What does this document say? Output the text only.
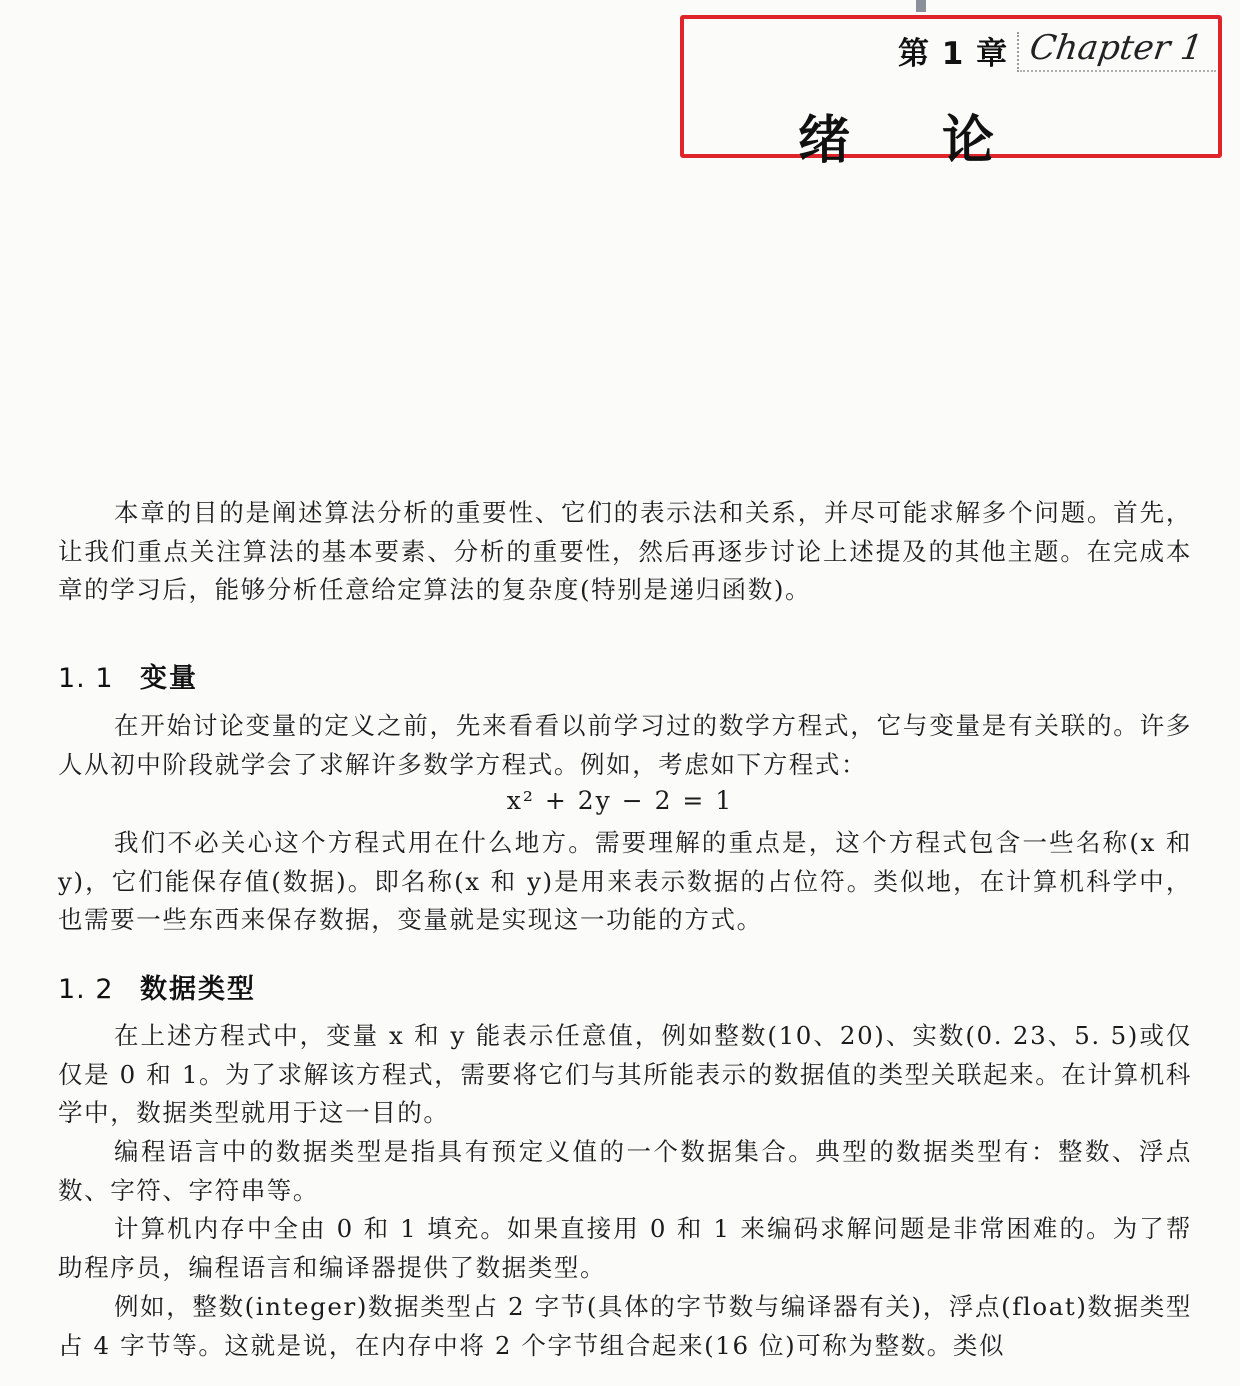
第 1 章 Chapter 1
绪论

本章的目的是阐述算法分析的重要性、它们的表示法和关系，并尽可能求解多个问题。首先，让我们重点关注算法的基本要素、分析的重要性，然后再逐步讨论上述提及的其他主题。在完成本章的学习后，能够分析任意给定算法的复杂度(特别是递归函数)。

1. 1 变量

在开始讨论变量的定义之前，先来看看以前学习过的数学方程式，它与变量是有关联的。许多人从初中阶段就学会了求解许多数学方程式。例如，考虑如下方程式：

x² + 2y − 2 = 1

我们不必关心这个方程式用在什么地方。需要理解的重点是，这个方程式包含一些名称(x 和 y)，它们能保存值(数据)。即名称(x 和 y)是用来表示数据的占位符。类似地，在计算机科学中，也需要一些东西来保存数据，变量就是实现这一功能的方式。

1. 2 数据类型

在上述方程式中，变量 x 和 y 能表示任意值，例如整数(10、20)、实数(0. 23、5. 5)或仅仅是 0 和 1。为了求解该方程式，需要将它们与其所能表示的数据值的类型关联起来。在计算机科学中，数据类型就用于这一目的。

编程语言中的数据类型是指具有预定义值的一个数据集合。典型的数据类型有：整数、浮点数、字符、字符串等。

计算机内存中全由 0 和 1 填充。如果直接用 0 和 1 来编码求解问题是非常困难的。为了帮助程序员，编程语言和编译器提供了数据类型。

例如，整数(integer)数据类型占 2 字节(具体的字节数与编译器有关)，浮点(float)数据类型占 4 字节等。这就是说，在内存中将 2 个字节组合起来(16 位)可称为整数。类似
